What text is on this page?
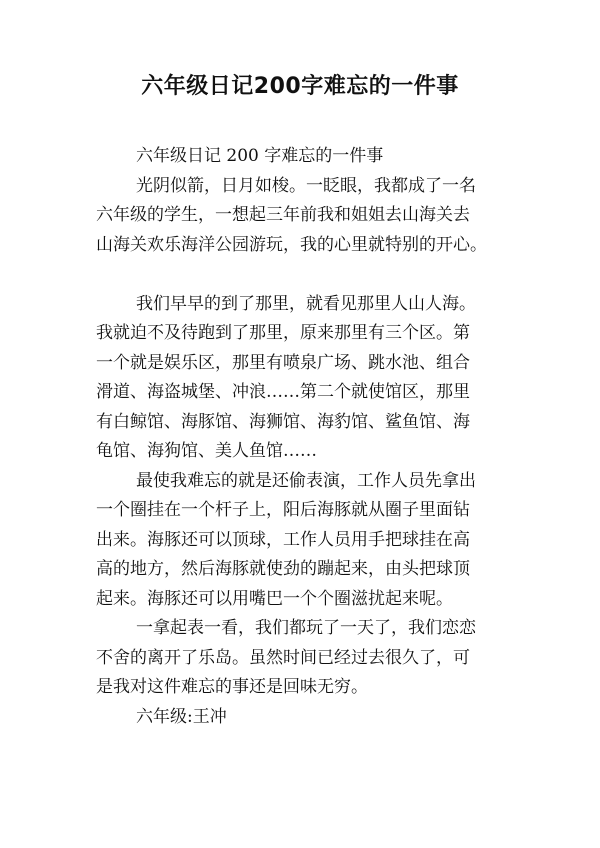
六年级日记200字难忘的一件事
六年级日记 200 字难忘的一件事
光阴似箭，日月如梭。一眨眼，我都成了一名
六年级的学生，一想起三年前我和姐姐去山海关去
山海关欢乐海洋公园游玩，我的心里就特别的开心。
我们早早的到了那里，就看见那里人山人海。
我就迫不及待跑到了那里，原来那里有三个区。第
一个就是娱乐区，那里有喷泉广场、跳水池、组合
滑道、海盗城堡、冲浪……第二个就使馆区，那里
有白鲸馆、海豚馆、海狮馆、海豹馆、鲨鱼馆、海
龟馆、海狗馆、美人鱼馆……
最使我难忘的就是还偷表演，工作人员先拿出
一个圈挂在一个杆子上，阳后海豚就从圈子里面钻
出来。海豚还可以顶球，工作人员用手把球挂在高
高的地方，然后海豚就使劲的蹦起来，由头把球顶
起来。海豚还可以用嘴巴一个个圈滋扰起来呢。
一拿起表一看，我们都玩了一天了，我们恋恋
不舍的离开了乐岛。虽然时间已经过去很久了，可
是我对这件难忘的事还是回味无穷。
六年级:王冲
